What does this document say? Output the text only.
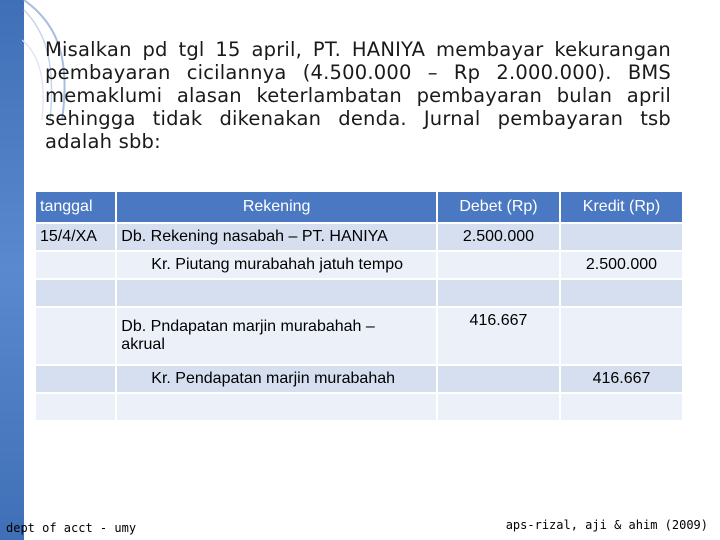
Misalkan pd tgl 15 april, PT. HANIYA membayar kekurangan pembayaran cicilannya (4.500.000 – Rp 2.000.000). BMS memaklumi alasan keterlambatan pembayaran bulan april sehingga tidak dikenakan denda. Jurnal pembayaran tsb adalah sbb:
tanggal	Rekening	Debet (Rp)	Kredit (Rp)
15/4/XA	Db. Rekening nasabah – PT. HANIYA	2.500.000	
	Kr. Piutang murabahah jatuh tempo		2.500.000

	Db. Pndapatan marjin murabahah – akrual	416.667	
	Kr. Pendapatan marjin murabahah		416.667

dept of acct - umy	aps-rizal, aji & ahim (2009)
